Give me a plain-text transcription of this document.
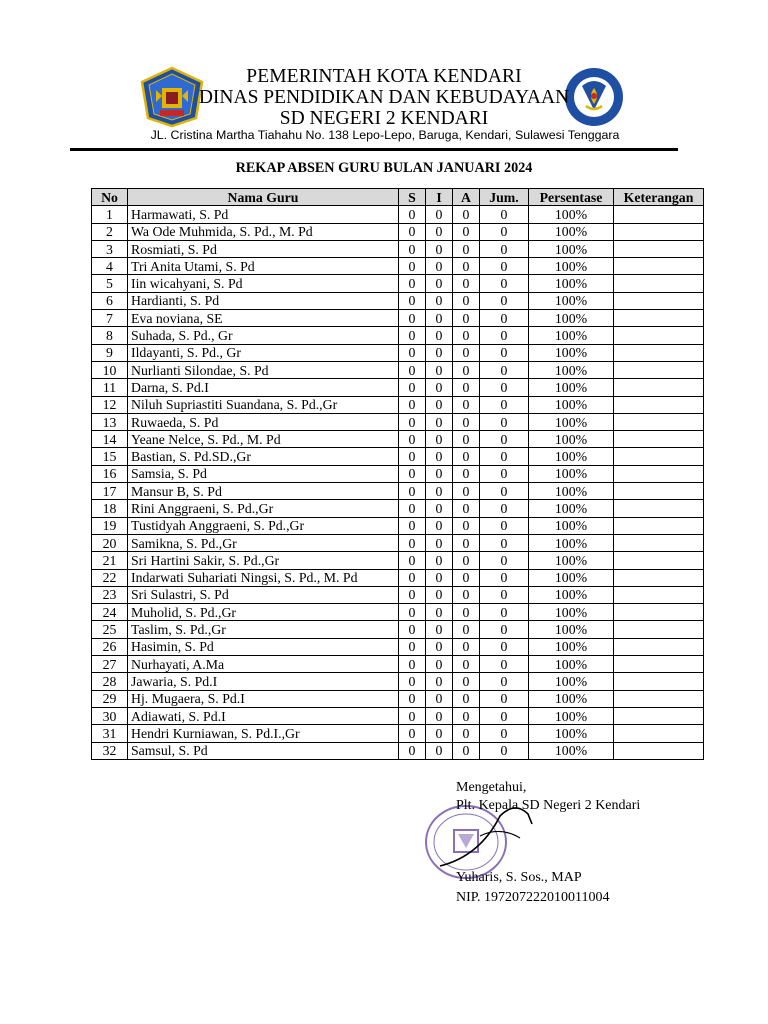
PEMERINTAH KOTA KENDARI
DINAS PENDIDIKAN DAN KEBUDAYAAN
SD NEGERI 2 KENDARI
JL. Cristina Martha Tiahahu No. 138 Lepo-Lepo, Baruga, Kendari, Sulawesi Tenggara
REKAP ABSEN GURU BULAN JANUARI 2024
No	Nama Guru	S	I	A	Jum.	Persentase	Keterangan
1	Harmawati, S. Pd	0	0	0	0	100%	
2	Wa Ode Muhmida, S. Pd., M. Pd	0	0	0	0	100%	
3	Rosmiati, S. Pd	0	0	0	0	100%	
4	Tri Anita Utami, S. Pd	0	0	0	0	100%	
5	Iin wicahyani, S. Pd	0	0	0	0	100%	
6	Hardianti, S. Pd	0	0	0	0	100%	
7	Eva noviana, SE	0	0	0	0	100%	
8	Suhada, S. Pd., Gr	0	0	0	0	100%	
9	Ildayanti, S. Pd., Gr	0	0	0	0	100%	
10	Nurlianti Silondae, S. Pd	0	0	0	0	100%	
11	Darna, S. Pd.I	0	0	0	0	100%	
12	Niluh Supriastiti Suandana, S. Pd.,Gr	0	0	0	0	100%	
13	Ruwaeda, S. Pd	0	0	0	0	100%	
14	Yeane Nelce, S. Pd., M. Pd	0	0	0	0	100%	
15	Bastian, S. Pd.SD.,Gr	0	0	0	0	100%	
16	Samsia, S. Pd	0	0	0	0	100%	
17	Mansur B, S. Pd	0	0	0	0	100%	
18	Rini Anggraeni, S. Pd.,Gr	0	0	0	0	100%	
19	Tustidyah Anggraeni, S. Pd.,Gr	0	0	0	0	100%	
20	Samikna, S. Pd.,Gr	0	0	0	0	100%	
21	Sri Hartini Sakir, S. Pd.,Gr	0	0	0	0	100%	
22	Indarwati Suhariati Ningsi, S. Pd., M. Pd	0	0	0	0	100%	
23	Sri Sulastri, S. Pd	0	0	0	0	100%	
24	Muholid, S. Pd.,Gr	0	0	0	0	100%	
25	Taslim, S. Pd.,Gr	0	0	0	0	100%	
26	Hasimin, S. Pd	0	0	0	0	100%	
27	Nurhayati, A.Ma	0	0	0	0	100%	
28	Jawaria, S. Pd.I	0	0	0	0	100%	
29	Hj. Mugaera, S. Pd.I	0	0	0	0	100%	
30	Adiawati, S. Pd.I	0	0	0	0	100%	
31	Hendri Kurniawan, S. Pd.I.,Gr	0	0	0	0	100%	
32	Samsul, S. Pd	0	0	0	0	100%	
Mengetahui,
Plt. Kepala SD Negeri 2 Kendari
Yuharis, S. Sos., MAP
NIP. 197207222010011004
